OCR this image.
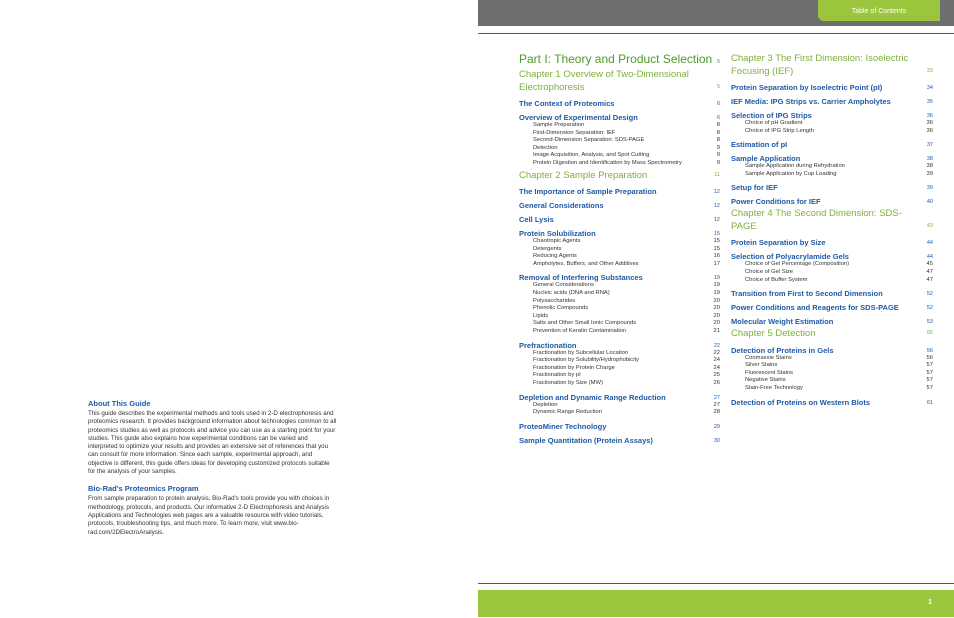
Table of Contents
About This Guide

This guide describes the experimental methods and tools used in 2-D electrophoresis and proteomics research. It provides background information about technologies common to all proteomics studies as well as protocols and advice you can use as a starting point for your studies. This guide also explains how experimental conditions can be varied and interpreted to optimize your results and provides an extensive set of references that you can consult for more information. Since each sample, experimental approach, and objective is different, this guide offers ideas for developing customized protocols suitable for the analysis of your samples.

Bio-Rad's Proteomics Program

From sample preparation to protein analysis, Bio-Rad's tools provide you with choices in methodology, protocols, and products. Our informative 2-D Electrophoresis and Analysis Applications and Technologies web pages are a valuable resource with video tutorials, protocols, troubleshooting tips, and much more. To learn more, visit www.bio-rad.com/2DElectroAnalysis.

Part I: Theory and Product Selection 5
Chapter 1 Overview of Two-Dimensional Electrophoresis	5
The Context of Proteomics	6
Overview of Experimental Design	6
Sample Preparation	8
First-Dimension Separation: IEF	8
Second-Dimension Separation: SDS-PAGE	8
Detection	9
Image Acquisition, Analysis, and Spot Cutting	9
Protein Digestion and Identification by Mass Spectrometry	9
Chapter 2 Sample Preparation	11
The Importance of Sample Preparation	12
General Considerations	12
Cell Lysis	12
Protein Solubilization	15
Chaotropic Agents	15
Detergents	15
Reducing Agents	16
Ampholytes, Buffers, and Other Additives	17
Removal of Interfering Substances	19
General Considerations	19
Nucleic acids (DNA and RNA)	19
Polysaccharides	20
Phenolic Compounds	20
Lipids	20
Salts and Other Small Ionic Compounds	20
Prevention of Keratin Contamination	21
Prefractionation	22
Fractionation by Subcellular Location	22
Fractionation by Solubility/Hydrophobicity	24
Fractionation by Protein Charge	24
Fractionation by pI	25
Fractionation by Size (MW)	26
Depletion and Dynamic Range Reduction	27
Depletion	27
Dynamic Range Reduction	28
ProteoMiner Technology	29
Sample Quantitation (Protein Assays)	30
Chapter 3 The First Dimension: Isoelectric Focusing (IEF)	33
Protein Separation by Isoelectric Point (pI)	34
IEF Media: IPG Strips vs. Carrier Ampholytes	35
Selection of IPG Strips	36
Choice of pH Gradient	36
Choice of IPG Strip Length	36
Estimation of pI	37
Sample Application	38
Sample Application during Rehydration	38
Sample Application by Cup Loading	39
Setup for IEF	39
Power Conditions for IEF	40
Chapter 4 The Second Dimension: SDS-PAGE	43
Protein Separation by Size	44
Selection of Polyacrylamide Gels	44
Choice of Gel Percentage (Composition)	45
Choice of Gel Size	47
Choice of Buffer System	47
Transition from First to Second Dimension	52
Power Conditions and Reagents for SDS-PAGE	52
Molecular Weight Estimation	53
Chapter 5 Detection	55
Detection of Proteins in Gels	56
Coomassie Stains	56
Silver Stains	57
Fluorescent Stains	57
Negative Stains	57
Stain-Free Technology	57
Detection of Proteins on Western Blots	61
1
